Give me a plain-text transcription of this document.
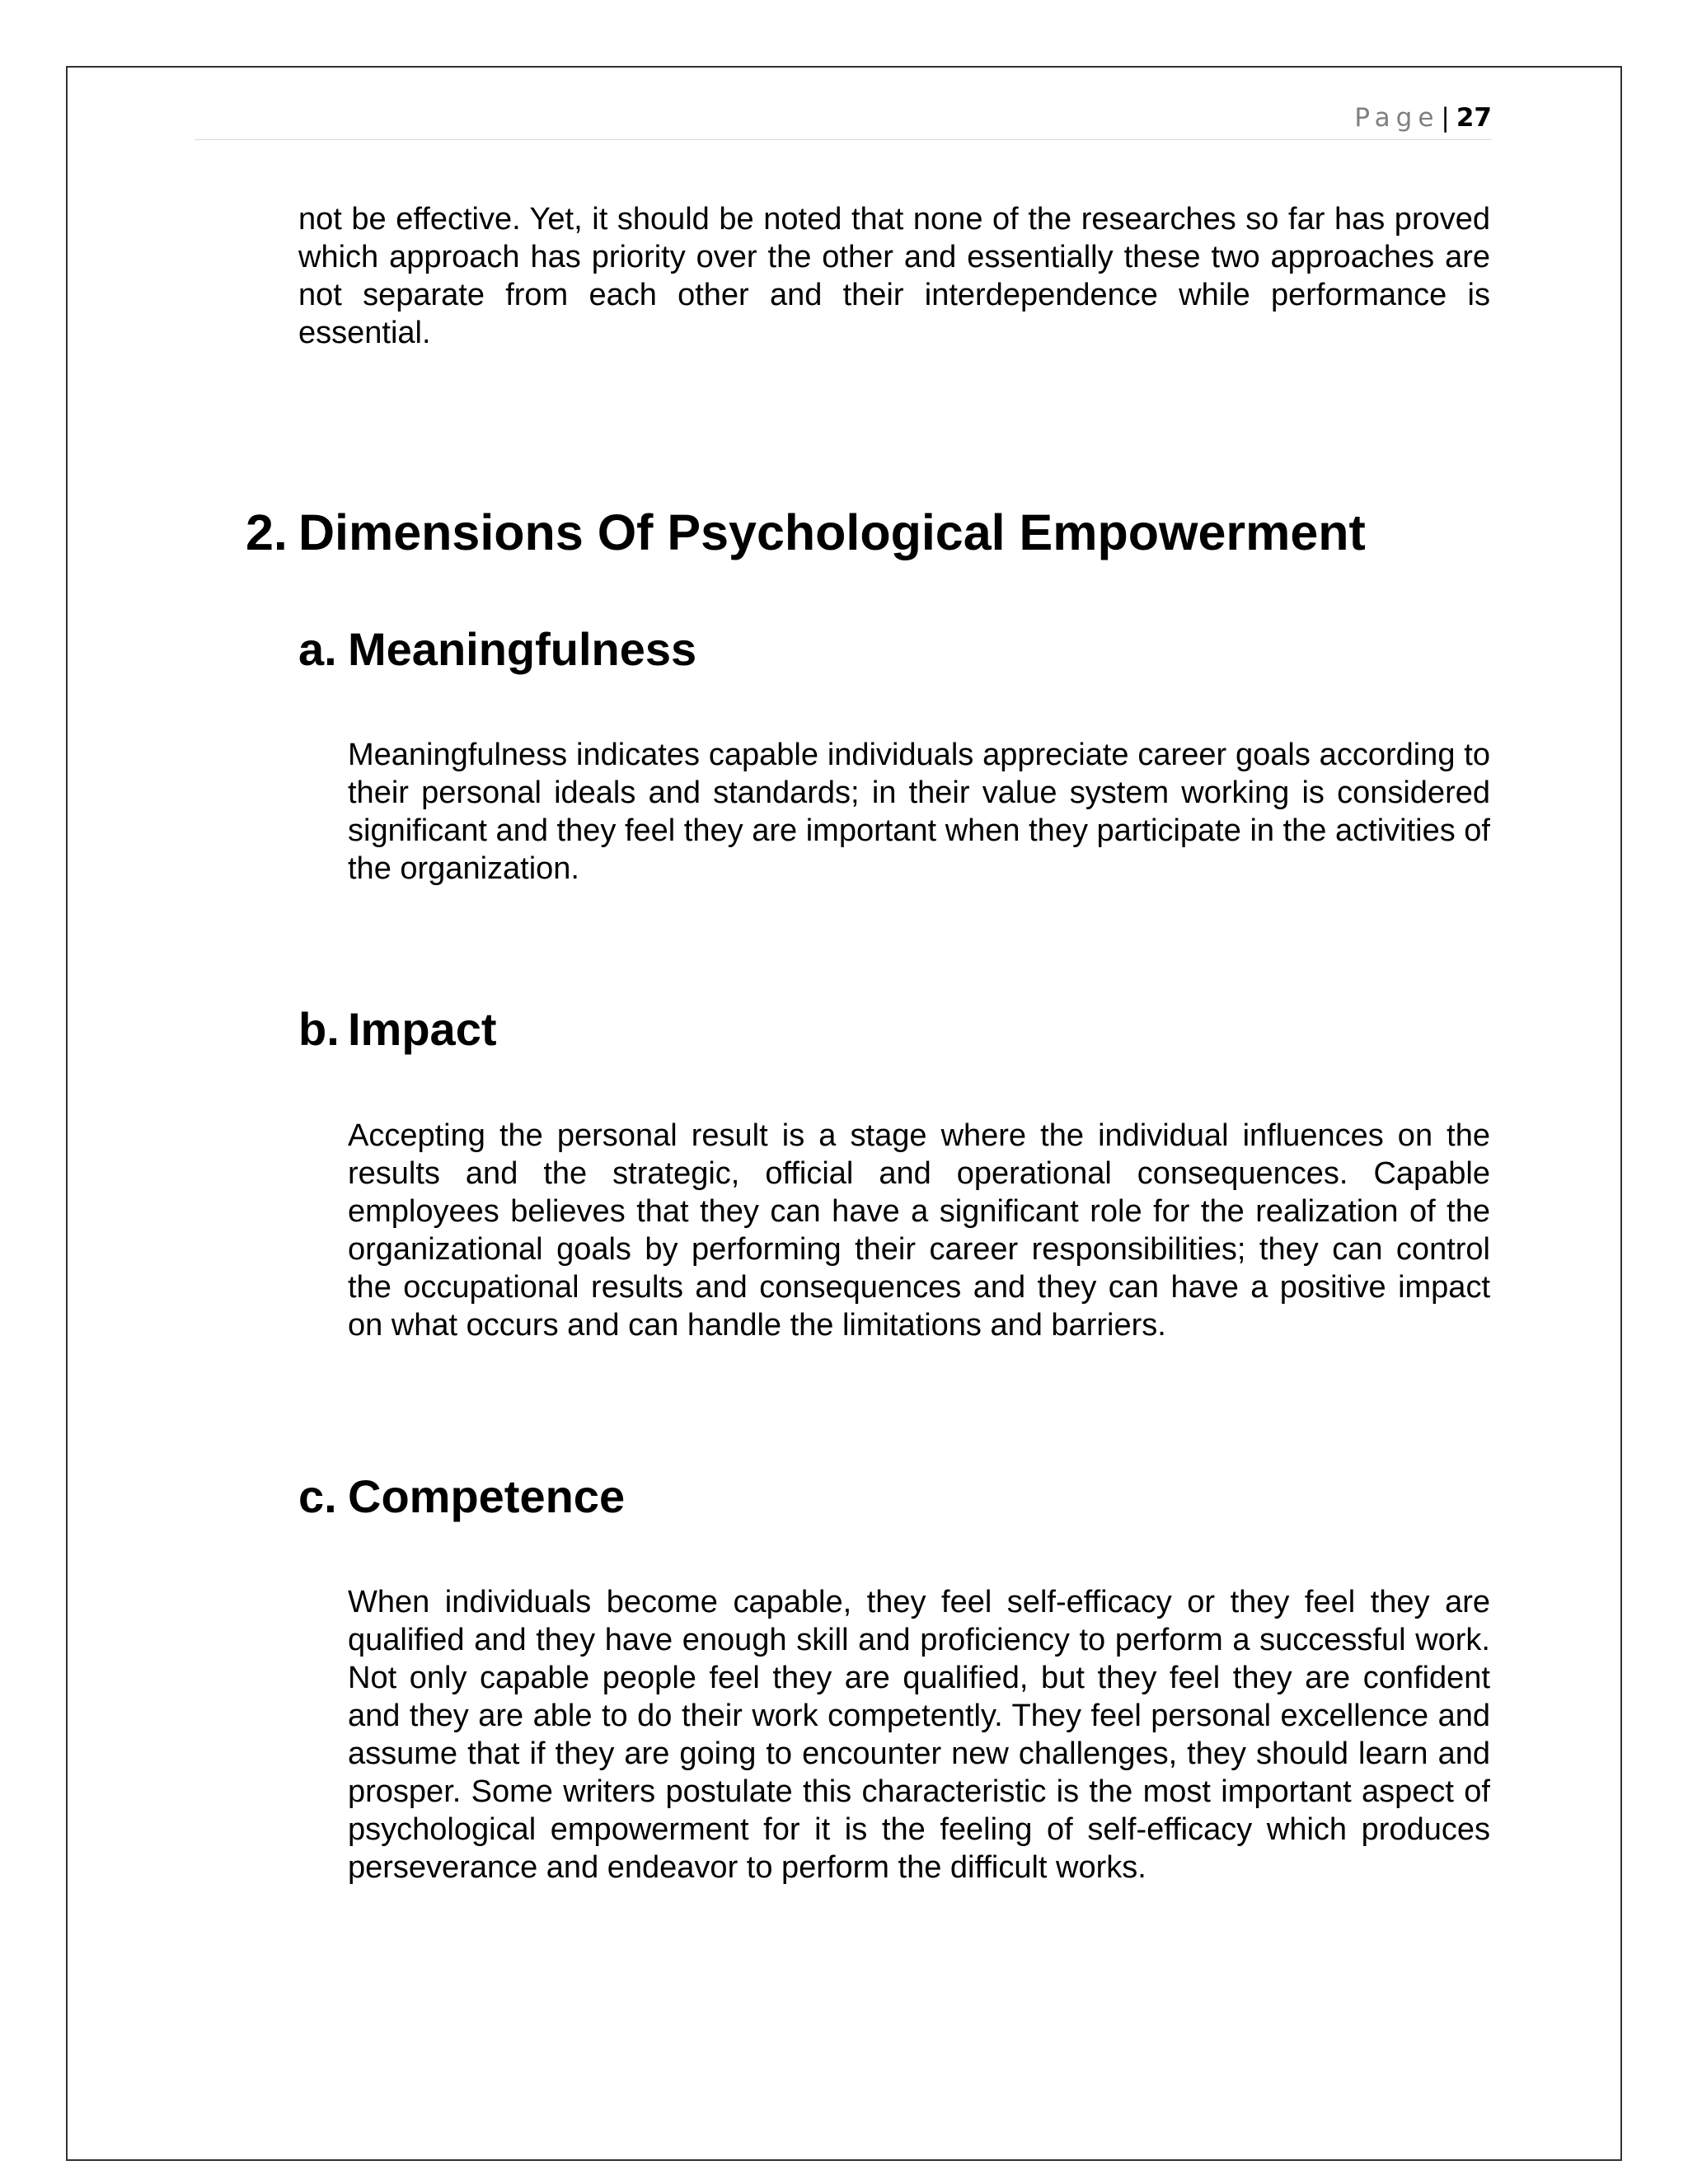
Page| 27

not be effective. Yet, it should be noted that none of the researches so far has proved which approach has priority over the other and essentially these two approaches are not separate from each other and their interdependence while performance is essential.

2. Dimensions Of Psychological Empowerment
a. Meaningfulness

Meaningfulness indicates capable individuals appreciate career goals according to their personal ideals and standards; in their value system working is considered significant and they feel they are important when they participate in the activities of the organization.

b. Impact

Accepting the personal result is a stage where the individual influences on the results and the strategic, official and operational consequences. Capable employees believes that they can have a significant role for the realization of the organizational goals by performing their career responsibilities; they can control the occupational results and consequences and they can have a positive impact on what occurs and can handle the limitations and barriers.

c. Competence

When individuals become capable, they feel self-efficacy or they feel they are qualified and they have enough skill and proficiency to perform a successful work. Not only capable people feel they are qualified, but they feel they are confident and they are able to do their work competently. They feel personal excellence and assume that if they are going to encounter new challenges, they should learn and prosper. Some writers postulate this characteristic is the most important aspect of psychological empowerment for it is the feeling of self-efficacy which produces perseverance and endeavor to perform the difficult works.
